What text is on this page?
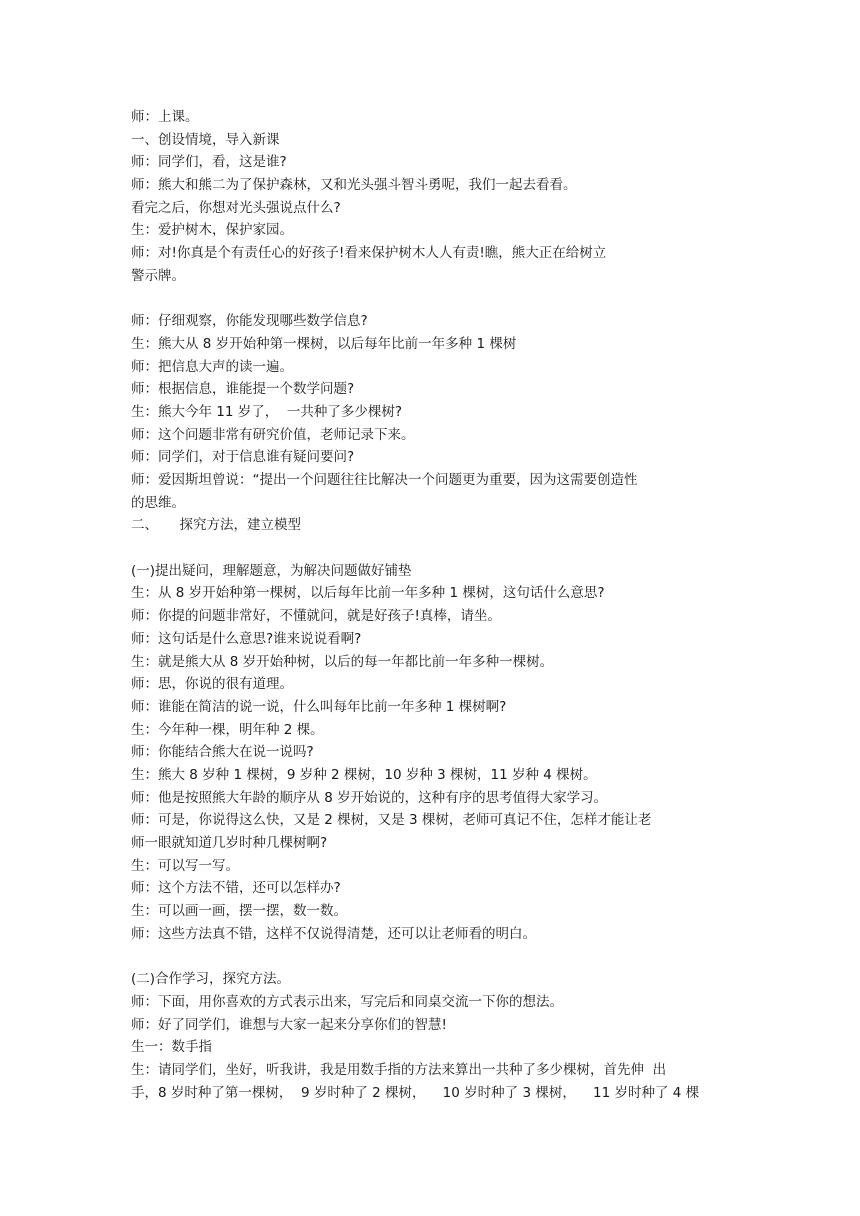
师：上课。
一、创设情境，导入新课
师：同学们，看，这是谁?
师：熊大和熊二为了保护森林，又和光头强斗智斗勇呢，我们一起去看看。
看完之后，你想对光头强说点什么?
生：爱护树木，保护家园。
师：对!你真是个有责任心的好孩子!看来保护树木人人有责!瞧，熊大正在给树立
警示牌。
师：仔细观察，你能发现哪些数学信息?
生：熊大从 8 岁开始种第一棵树，以后每年比前一年多种 1 棵树
师：把信息大声的读一遍。
师：根据信息，谁能提一个数学问题?
生：熊大今年 11 岁了，  一共种了多少棵树?
师：这个问题非常有研究价值，老师记录下来。
师：同学们，对于信息谁有疑问要问?
师：爱因斯坦曾说：“提出一个问题往往比解决一个问题更为重要，因为这需要创造性
的思维。
二、     探究方法，建立模型
(一)提出疑问，理解题意，为解决问题做好铺垫
生：从 8 岁开始种第一棵树，以后每年比前一年多种 1 棵树，这句话什么意思?
师：你提的问题非常好，不懂就问，就是好孩子!真棒，请坐。
师：这句话是什么意思?谁来说说看啊?
生：就是熊大从 8 岁开始种树，以后的每一年都比前一年多种一棵树。
师：思，你说的很有道理。
师：谁能在简洁的说一说，什么叫每年比前一年多种 1 棵树啊?
生：今年种一棵，明年种 2 棵。
师：你能结合熊大在说一说吗?
生：熊大 8 岁种 1 棵树，9 岁种 2 棵树，10 岁种 3 棵树，11 岁种 4 棵树。
师：他是按照熊大年龄的顺序从 8 岁开始说的，这种有序的思考值得大家学习。
师：可是，你说得这么快，又是 2 棵树，又是 3 棵树，老师可真记不住，怎样才能让老
师一眼就知道几岁时种几棵树啊?
生：可以写一写。
师：这个方法不错，还可以怎样办?
生：可以画一画，摆一摆，数一数。
师：这些方法真不错，这样不仅说得清楚，还可以让老师看的明白。
(二)合作学习，探究方法。
师：下面，用你喜欢的方式表示出来，写完后和同桌交流一下你的想法。
师：好了同学们，谁想与大家一起来分享你们的智慧!
生一：数手指
生：请同学们，坐好，听我讲，我是用数手指的方法来算出一共种了多少棵树，首先伸  出
手，8 岁时种了第一棵树，  9 岁时种了 2 棵树，    10 岁时种了 3 棵树，    11 岁时种了 4 棵
